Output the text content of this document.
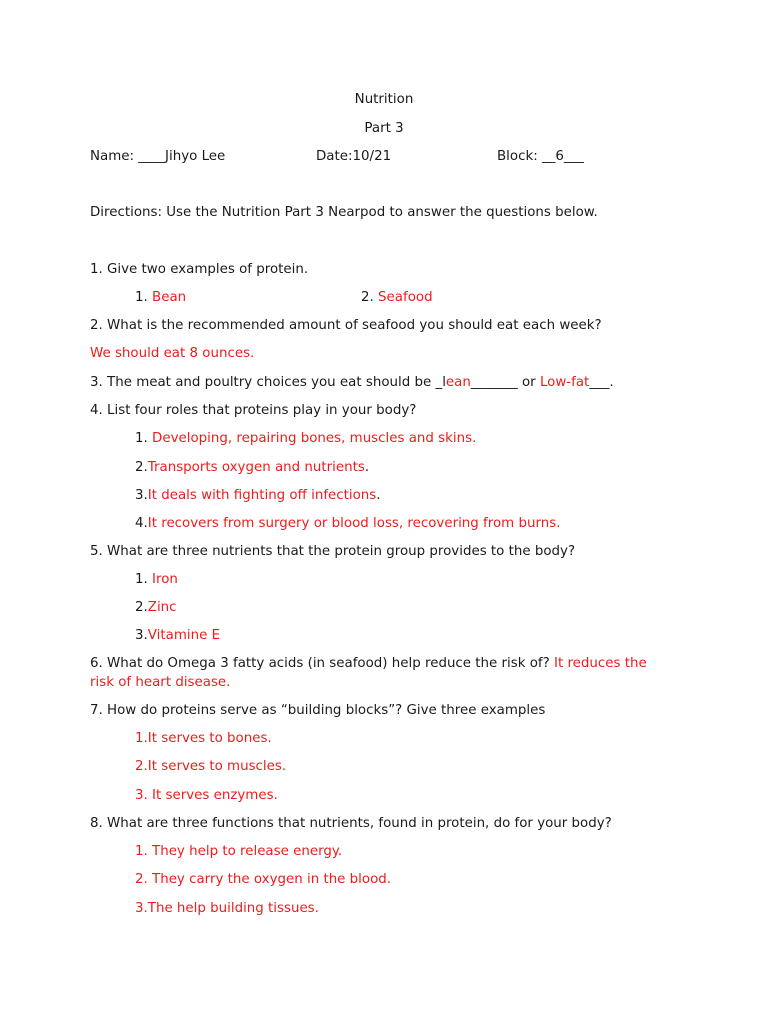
Nutrition
Part 3
Name: ____Jihyo Lee	Date:10/21	Block: __6___
Directions: Use the Nutrition Part 3 Nearpod to answer the questions below.
1. Give two examples of protein.
1. Bean	2. Seafood
2. What is the recommended amount of seafood you should eat each week?
We should eat 8 ounces.
3. The meat and poultry choices you eat should be _lean_______ or Low-fat___.
4. List four roles that proteins play in your body?
1. Developing, repairing bones, muscles and skins.
2.Transports oxygen and nutrients.
3.It deals with fighting off infections.
4.It recovers from surgery or blood loss, recovering from burns.
5. What are three nutrients that the protein group provides to the body?
1. Iron
2.Zinc
3.Vitamine E
6. What do Omega 3 fatty acids (in seafood) help reduce the risk of? It reduces the
risk of heart disease.
7. How do proteins serve as “building blocks”? Give three examples
1.It serves to bones.
2.It serves to muscles.
3. It serves enzymes.
8. What are three functions that nutrients, found in protein, do for your body?
1. They help to release energy.
2. They carry the oxygen in the blood.
3.The help building tissues.
